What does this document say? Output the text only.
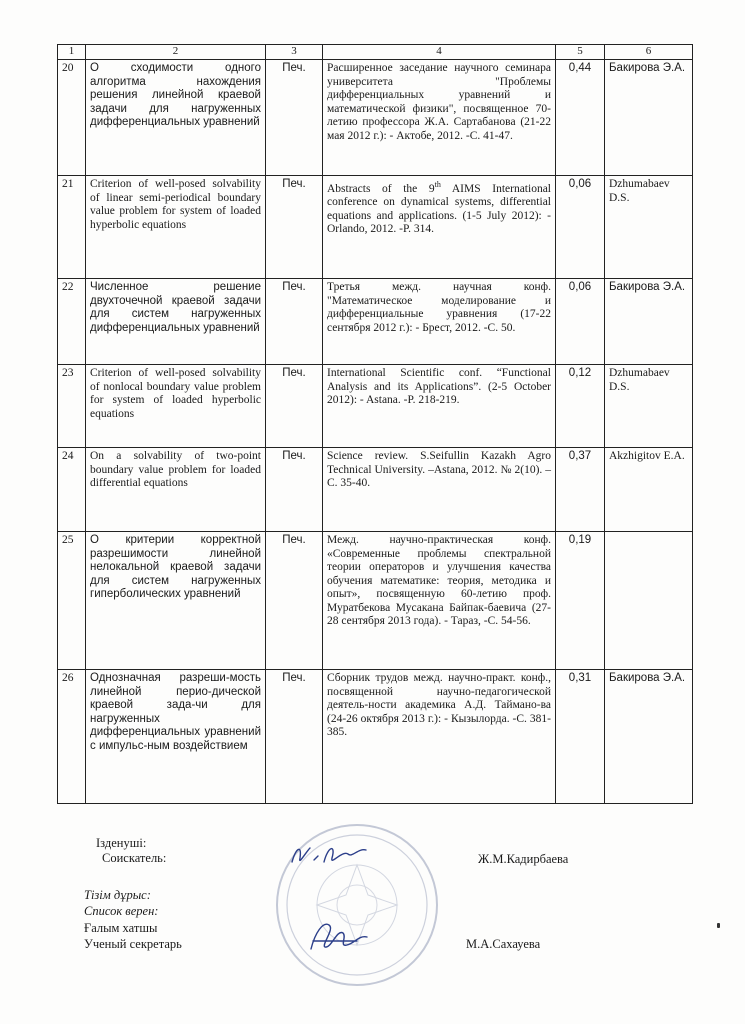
1	2	3	4	5	6
20	О сходимости одного алгоритма нахождения решения линейной краевой задачи для нагруженных дифференциальных уравнений	Печ.	Расширенное заседание научного семинара университета "Проблемы дифференциальных уравнений и математической физики", посвященное 70-летию профессора Ж.А. Сартабанова (21-22 мая 2012 г.): - Актобе, 2012. -С. 41-47.	0,44	Бакирова Э.А.
21	Criterion of well-posed solvability of linear semi-periodical boundary value problem for system of loaded hyperbolic equations	Печ.	Abstracts of the 9th AIMS International conference on dynamical systems, differential equations and applications. (1-5 July 2012): - Orlando, 2012. -P. 314.	0,06	Dzhumabaev D.S.
22	Численное решение двухточечной краевой задачи для систем нагруженных дифференциальных уравнений	Печ.	Третья межд. научная конф. "Математическое моделирование и дифференциальные уравнения (17-22 сентября 2012 г.): - Брест, 2012. -С. 50.	0,06	Бакирова Э.А.
23	Criterion of well-posed solvability of nonlocal boundary value problem for system of loaded hyperbolic equations	Печ.	International Scientific conf. “Functional Analysis and its Applications”. (2-5 October 2012): - Astana. -P. 218-219.	0,12	Dzhumabaev D.S.
24	On a solvability of two-point boundary value problem for loaded differential equations	Печ.	Science review. S.Seifullin Kazakh Agro Technical University. –Astana, 2012. № 2(10). –C. 35-40.	0,37	Akzhigitov E.A.
25	О критерии корректной разрешимости линейной нелокальной краевой задачи для систем нагруженных гиперболических уравнений	Печ.	Межд. научно-практическая конф. «Современные проблемы спектральной теории операторов и улучшения качества обучения математике: теория, методика и опыт», посвященную 60-летию проф. Муратбекова Мусакана Байпак-баевича (27-28 сентября 2013 года). - Тараз, -С. 54-56.	0,19	
26	Однозначная разреши-мость линейной перио-дической краевой зада-чи для нагруженных дифференциальных уравнений с импульс-ным воздействием	Печ.	Сборник трудов межд. научно-практ. конф., посвященной научно-педагогической деятель-ности академика А.Д. Таймано-ва (24-26 октября 2013 г.): - Кызылорда. -С. 381-385.	0,31	Бакирова Э.А.
Ізденуші:
Соискатель:	Ж.М.Кадирбаева
Тізім дұрыс:
Список верен:
Ғалым хатшы
Ученый секретарь	М.А.Сахауева
